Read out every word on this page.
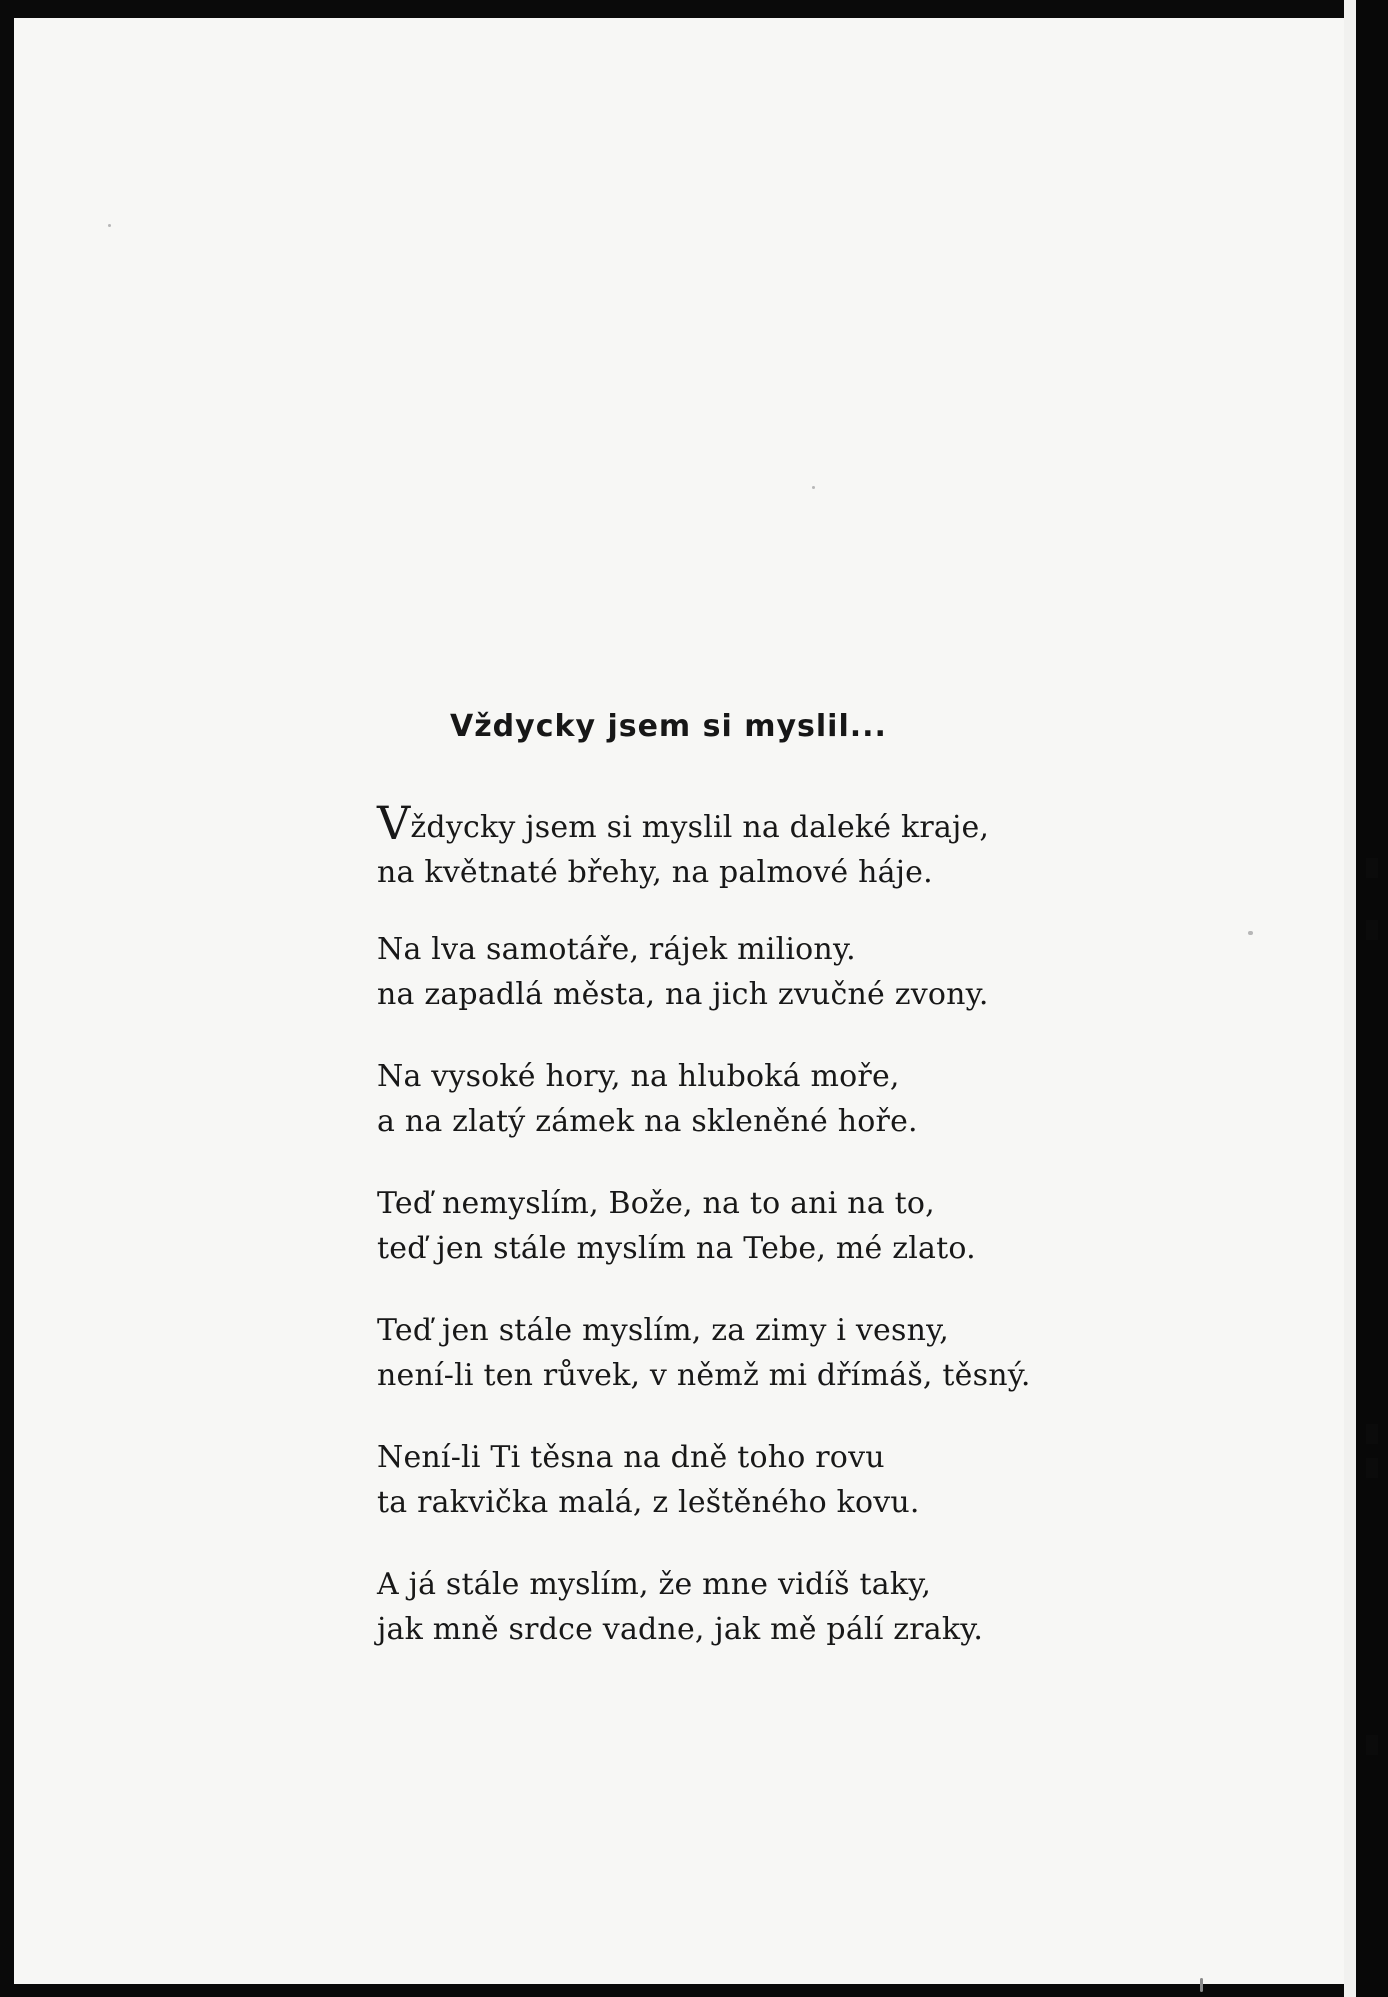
Vždycky jsem si myslil...
Vždycky jsem si myslil na daleké kraje,
na květnaté břehy, na palmové háje.
Na lva samotáře, rájek miliony.
na zapadlá města, na jich zvučné zvony.
Na vysoké hory, na hluboká moře,
a na zlatý zámek na skleněné hoře.
Teď nemyslím, Bože, na to ani na to,
teď jen stále myslím na Tebe, mé zlato.
Teď jen stále myslím, za zimy i vesny,
není-li ten růvek, v němž mi dřímáš, těsný.
Není-li Ti těsna na dně toho rovu
ta rakvička malá, z leštěného kovu.
A já stále myslím, že mne vidíš taky,
jak mně srdce vadne, jak mě pálí zraky.
